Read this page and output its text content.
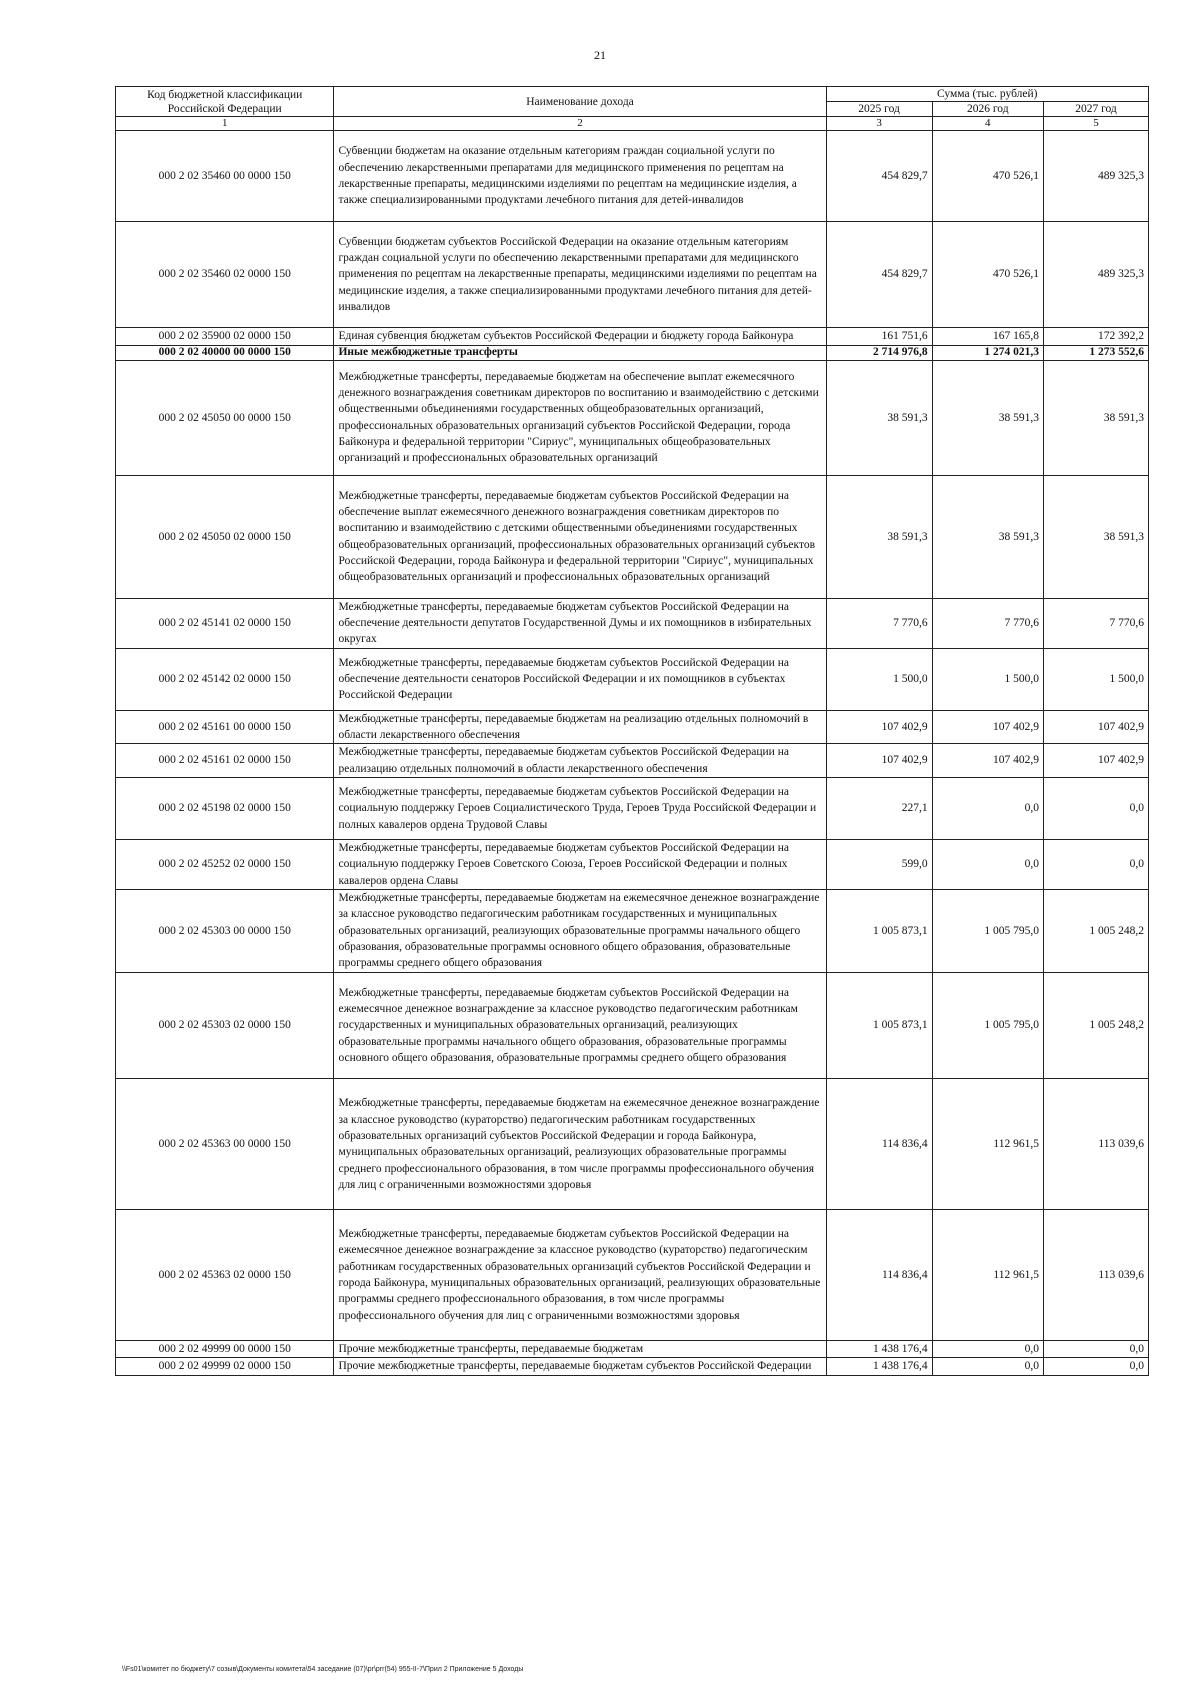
21
Код бюджетной классификации Российской Федерации	Наименование дохода	Сумма (тыс. рублей)		
		2025 год	2026 год	2027 год
1	2	3	4	5
000 2 02 35460 00 0000 150	Субвенции бюджетам на оказание отдельным категориям граждан социальной услуги по обеспечению лекарственными препаратами для медицинского применения по рецептам на лекарственные препараты, медицинскими изделиями по рецептам на медицинские изделия, а также специализированными продуктами лечебного питания для детей-инвалидов	454 829,7	470 526,1	489 325,3
000 2 02 35460 02 0000 150	Субвенции бюджетам субъектов Российской Федерации на оказание отдельным категориям граждан социальной услуги по обеспечению лекарственными препаратами для медицинского применения по рецептам на лекарственные препараты, медицинскими изделиями по рецептам на медицинские изделия, а также специализированными продуктами лечебного питания для детей-инвалидов	454 829,7	470 526,1	489 325,3
000 2 02 35900 02 0000 150	Единая субвенция бюджетам субъектов Российской Федерации и бюджету города Байконура	161 751,6	167 165,8	172 392,2
000 2 02 40000 00 0000 150	Иные межбюджетные трансферты	2 714 976,8	1 274 021,3	1 273 552,6
000 2 02 45050 00 0000 150	Межбюджетные трансферты, передаваемые бюджетам на обеспечение выплат ежемесячного денежного вознаграждения советникам директоров по воспитанию и взаимодействию с детскими общественными объединениями государственных общеобразовательных организаций, профессиональных образовательных организаций субъектов Российской Федерации, города Байконура и федеральной территории "Сириус", муниципальных общеобразовательных организаций и профессиональных образовательных организаций	38 591,3	38 591,3	38 591,3
000 2 02 45050 02 0000 150	Межбюджетные трансферты, передаваемые бюджетам субъектов Российской Федерации на обеспечение выплат ежемесячного денежного вознаграждения советникам директоров по воспитанию и взаимодействию с детскими общественными объединениями государственных общеобразовательных организаций, профессиональных образовательных организаций субъектов Российской Федерации, города Байконура и федеральной территории "Сириус", муниципальных общеобразовательных организаций и профессиональных образовательных организаций	38 591,3	38 591,3	38 591,3
000 2 02 45141 02 0000 150	Межбюджетные трансферты, передаваемые бюджетам субъектов Российской Федерации на обеспечение деятельности депутатов Государственной Думы и их помощников в избирательных округах	7 770,6	7 770,6	7 770,6
000 2 02 45142 02 0000 150	Межбюджетные трансферты, передаваемые бюджетам субъектов Российской Федерации на обеспечение деятельности сенаторов Российской Федерации и их помощников в субъектах Российской Федерации	1 500,0	1 500,0	1 500,0
000 2 02 45161 00 0000 150	Межбюджетные трансферты, передаваемые бюджетам на реализацию отдельных полномочий в области лекарственного обеспечения	107 402,9	107 402,9	107 402,9
000 2 02 45161 02 0000 150	Межбюджетные трансферты, передаваемые бюджетам субъектов Российской Федерации на реализацию отдельных полномочий в области лекарственного обеспечения	107 402,9	107 402,9	107 402,9
000 2 02 45198 02 0000 150	Межбюджетные трансферты, передаваемые бюджетам субъектов Российской Федерации на социальную поддержку Героев Социалистического Труда, Героев Труда Российской Федерации и полных кавалеров ордена Трудовой Славы	227,1	0,0	0,0
000 2 02 45252 02 0000 150	Межбюджетные трансферты, передаваемые бюджетам субъектов Российской Федерации на социальную поддержку Героев Советского Союза, Героев Российской Федерации и полных кавалеров ордена Славы	599,0	0,0	0,0
000 2 02 45303 00 0000 150	Межбюджетные трансферты, передаваемые бюджетам на ежемесячное денежное вознаграждение за классное руководство педагогическим работникам государственных и муниципальных образовательных организаций, реализующих образовательные программы начального общего образования, образовательные программы основного общего образования, образовательные программы среднего общего образования	1 005 873,1	1 005 795,0	1 005 248,2
000 2 02 45303 02 0000 150	Межбюджетные трансферты, передаваемые бюджетам субъектов Российской Федерации на ежемесячное денежное вознаграждение за классное руководство педагогическим работникам государственных и муниципальных образовательных организаций, реализующих образовательные программы начального общего образования, образовательные программы основного общего образования, образовательные программы среднего общего образования	1 005 873,1	1 005 795,0	1 005 248,2
000 2 02 45363 00 0000 150	Межбюджетные трансферты, передаваемые бюджетам на ежемесячное денежное вознаграждение за классное руководство (кураторство) педагогическим работникам государственных образовательных организаций субъектов Российской Федерации и города Байконура, муниципальных образовательных организаций, реализующих образовательные программы среднего профессионального образования, в том числе программы профессионального обучения для лиц с ограниченными возможностями здоровья	114 836,4	112 961,5	113 039,6
000 2 02 45363 02 0000 150	Межбюджетные трансферты, передаваемые бюджетам субъектов Российской Федерации на ежемесячное денежное вознаграждение за классное руководство (кураторство) педагогическим работникам государственных образовательных организаций субъектов Российской Федерации и города Байконура, муниципальных образовательных организаций, реализующих образовательные программы среднего профессионального образования, в том числе программы профессионального обучения для лиц с ограниченными возможностями здоровья	114 836,4	112 961,5	113 039,6
000 2 02 49999 00 0000 150	Прочие межбюджетные трансферты, передаваемые бюджетам	1 438 176,4	0,0	0,0
000 2 02 49999 02 0000 150	Прочие межбюджетные трансферты, передаваемые бюджетам субъектов Российской Федерации	1 438 176,4	0,0	0,0
\\Fs01\комитет по бюджету\7 созыв\Документы комитета\54 заседание (07)\pr\prr(54) 955-II-7\Прил 2 Приложение 5 Доходы
